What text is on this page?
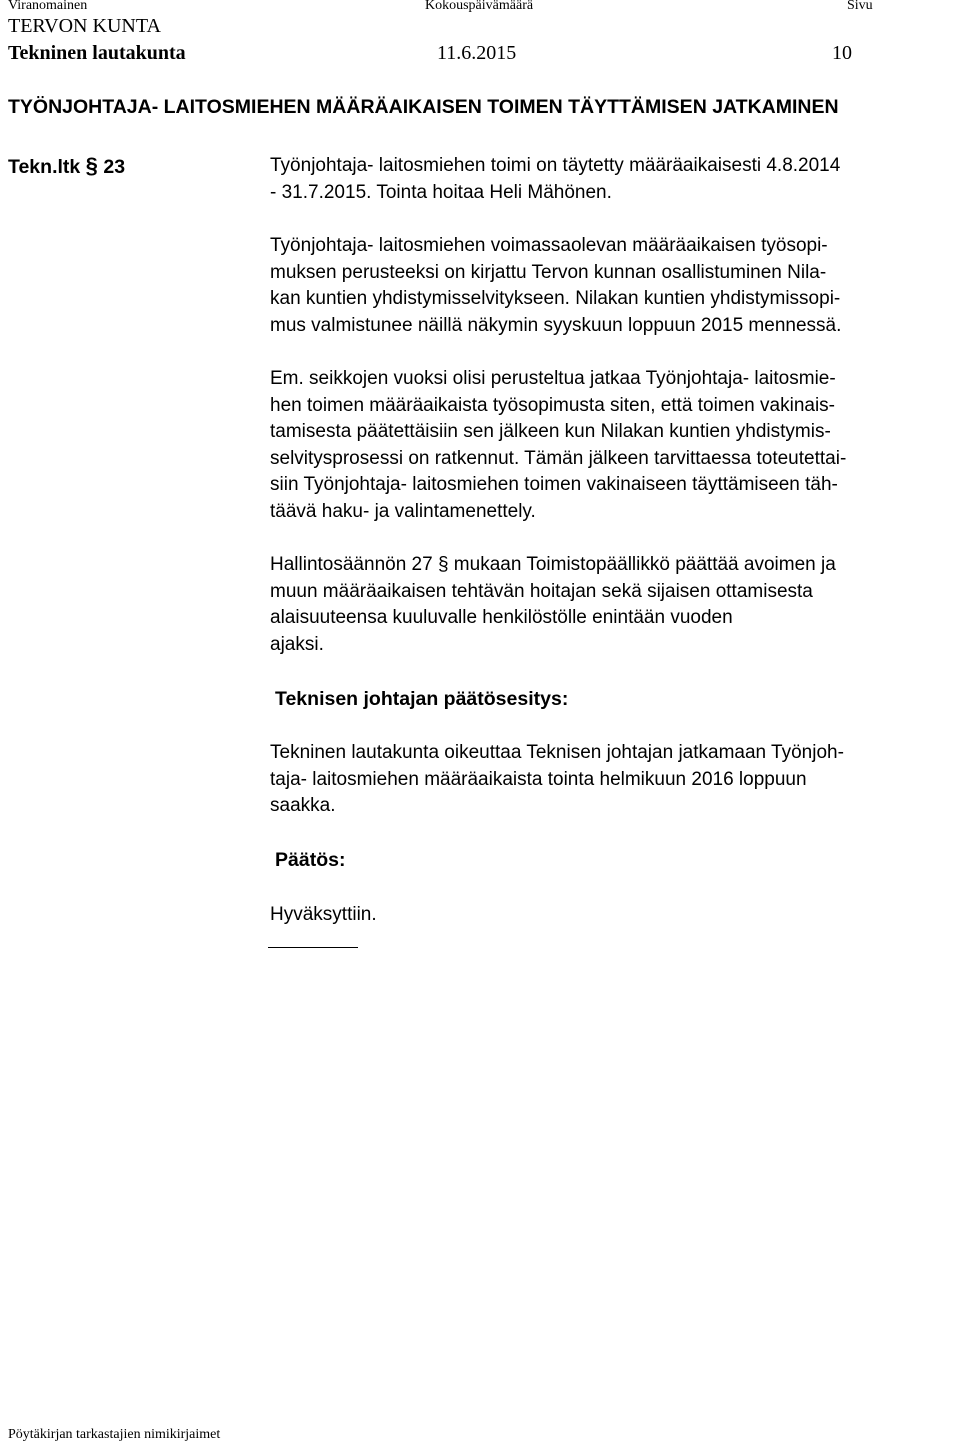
Viranomainen	Kokouspäivämäärä	Sivu
TERVON KUNTA
Tekninen lautakunta	11.6.2015	10
TYÖNJOHTAJA- LAITOSMIEHEN MÄÄRÄAIKAISEN TOIMEN TÄYTTÄMISEN JATKAMINEN
Tekn.ltk § 23	Työnjohtaja- laitosmiehen toimi on täytetty määräaikaisesti 4.8.2014
- 31.7.2015. Tointa hoitaa Heli Mähönen.
Työnjohtaja- laitosmiehen voimassaolevan määräaikaisen työsopi-
muksen perusteeksi on kirjattu Tervon kunnan osallistuminen Nila-
kan kuntien yhdistymisselvitykseen. Nilakan kuntien yhdistymissopi-
mus valmistunee näillä näkymin syyskuun loppuun 2015 mennessä.
Em. seikkojen vuoksi olisi perusteltua jatkaa Työnjohtaja- laitosmie-
hen toimen määräaikaista työsopimusta siten, että toimen vakinais-
tamisesta päätettäisiin sen jälkeen kun Nilakan kuntien yhdistymis-
selvitysprosessi on ratkennut. Tämän jälkeen tarvittaessa toteutettai-
siin Työnjohtaja- laitosmiehen toimen vakinaiseen täyttämiseen täh-
täävä haku- ja valintamenettely.
Hallintosäännön 27 § mukaan Toimistopäällikkö päättää avoimen ja
muun määräaikaisen tehtävän hoitajan sekä sijaisen ottamisesta
alaisuuteensa kuuluvalle henkilöstölle enintään vuoden
ajaksi.
Teknisen johtajan päätösesitys:
Tekninen lautakunta oikeuttaa Teknisen johtajan jatkamaan Työnjoh-
taja- laitosmiehen määräaikaista tointa helmikuun 2016 loppuun
saakka.
Päätös:
Hyväksyttiin.
Pöytäkirjan tarkastajien nimikirjaimet
